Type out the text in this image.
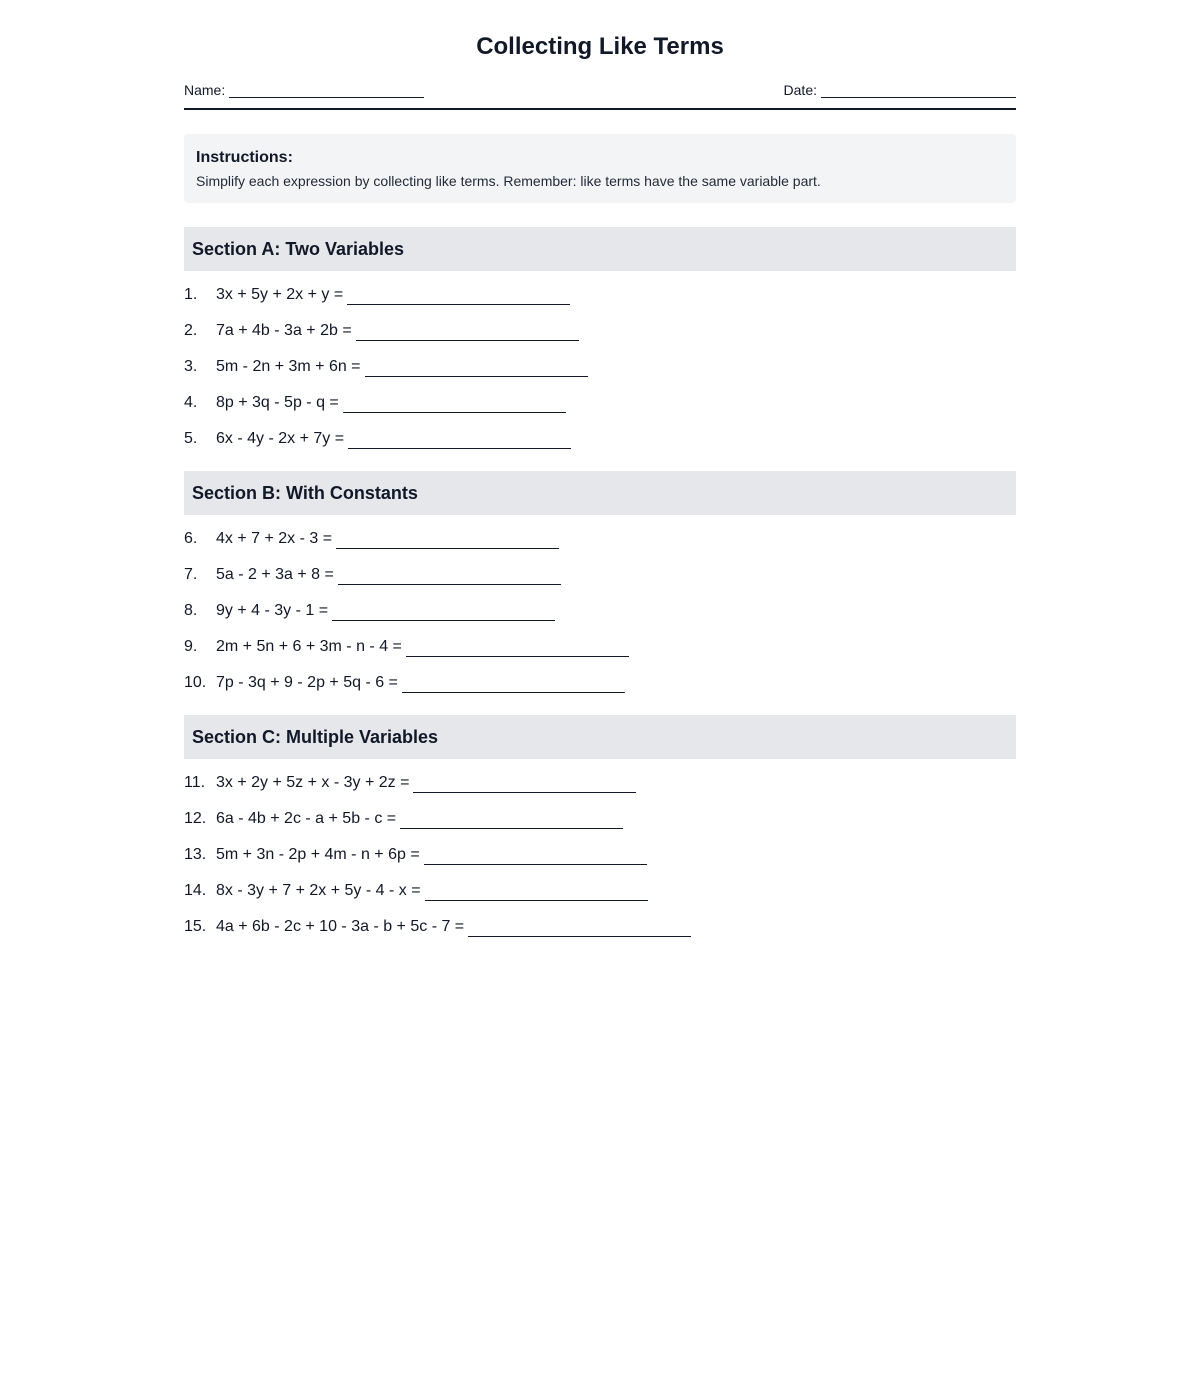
Collecting Like Terms
Name:	Date:
Instructions:
Simplify each expression by collecting like terms. Remember: like terms have the same variable part.
Section A: Two Variables
1.	3x + 5y + 2x + y =
2.	7a + 4b - 3a + 2b =
3.	5m - 2n + 3m + 6n =
4.	8p + 3q - 5p - q =
5.	6x - 4y - 2x + 7y =
Section B: With Constants
6.	4x + 7 + 2x - 3 =
7.	5a - 2 + 3a + 8 =
8.	9y + 4 - 3y - 1 =
9.	2m + 5n + 6 + 3m - n - 4 =
10. 7p - 3q + 9 - 2p + 5q - 6 =
Section C: Multiple Variables
11. 3x + 2y + 5z + x - 3y + 2z =
12. 6a - 4b + 2c - a + 5b - c =
13. 5m + 3n - 2p + 4m - n + 6p =
14. 8x - 3y + 7 + 2x + 5y - 4 - x =
15. 4a + 6b - 2c + 10 - 3a - b + 5c - 7 =
